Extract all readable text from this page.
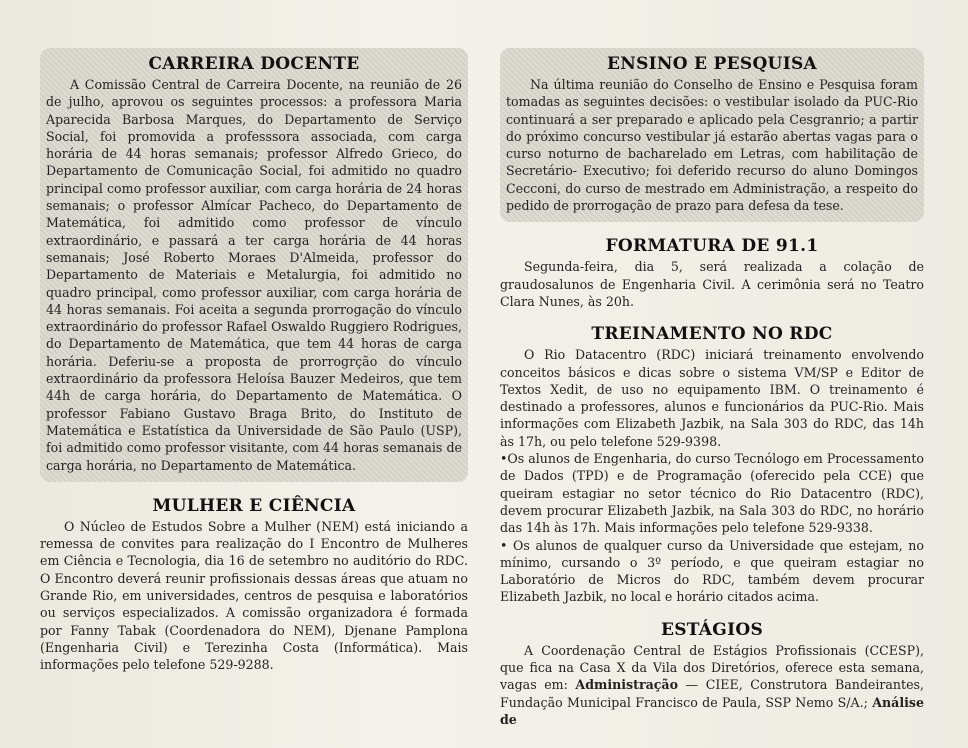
CARREIRA DOCENTE

A Comissão Central de Carreira Docente, na reunião de 26 de julho, aprovou os seguintes processos: a professora Maria Aparecida Barbosa Marques, do Departamento de Serviço Social, foi promovida a professsora associada, com carga horária de 44 horas semanais; professor Alfredo Grieco, do Departamento de Comunicação Social, foi admitido no quadro principal como professor auxiliar, com carga horária de 24 horas semanais; o professor Almícar Pacheco, do Departamento de Matemática, foi admitido como professor de vínculo extraordinário, e passará a ter carga horária de 44 horas semanais; José Roberto Moraes D'Almeida, professor do Departamento de Materiais e Metalurgia, foi admitido no quadro principal, como professor auxiliar, com carga horária de 44 horas semanais. Foi aceita a segunda prorrogação do vínculo extraordinário do professor Rafael Oswaldo Ruggiero Rodrigues, do Departamento de Matemática, que tem 44 horas de carga horária. Deferiu-se a proposta de prorrogrção do vínculo extraordinário da professora Heloísa Bauzer Medeiros, que tem 44h de carga horária, do Departamento de Matemática. O professor Fabiano Gustavo Braga Brito, do Instituto de Matemática e Estatística da Universidade de São Paulo (USP), foi admitido como professor visitante, com 44 horas semanais de carga horária, no Departamento de Matemática.

MULHER E CIÊNCIA

O Núcleo de Estudos Sobre a Mulher (NEM) está iniciando a remessa de convites para realização do I Encontro de Mulheres em Ciência e Tecnologia, dia 16 de setembro no auditório do RDC. O Encontro deverá reunir profissionais dessas áreas que atuam no Grande Rio, em universidades, centros de pesquisa e laboratórios ou serviços especializados. A comissão organizadora é formada por Fanny Tabak (Coordenadora do NEM), Djenane Pamplona (Engenharia Civil) e Terezinha Costa (Informática). Mais informações pelo telefone 529-9288.

ENSINO E PESQUISA

Na última reunião do Conselho de Ensino e Pesquisa foram tomadas as seguintes decisões: o vestibular isolado da PUC-Rio continuará a ser preparado e aplicado pela Cesgranrio; a partir do próximo concurso vestibular já estarão abertas vagas para o curso noturno de bacharelado em Letras, com habilitação de Secretário- Executivo; foi deferido recurso do aluno Domingos Cecconi, do curso de mestrado em Administração, a respeito do pedido de prorrogação de prazo para defesa da tese.

FORMATURA DE 91.1

Segunda-feira, dia 5, será realizada a colação de graudosalunos de Engenharia Civil. A cerimônia será no Teatro Clara Nunes, às 20h.

TREINAMENTO NO RDC

O Rio Datacentro (RDC) iniciará treinamento envolvendo conceitos básicos e dicas sobre o sistema VM/SP e Editor de Textos Xedit, de uso no equipamento IBM. O treinamento é destinado a professores, alunos e funcionários da PUC-Rio. Mais informações com Elizabeth Jazbik, na Sala 303 do RDC, das 14h às 17h, ou pelo telefone 529-9398.

•Os alunos de Engenharia, do curso Tecnólogo em Processamento de Dados (TPD) e de Programação (oferecido pela CCE) que queiram estagiar no setor técnico do Rio Datacentro (RDC), devem procurar Elizabeth Jazbik, na Sala 303 do RDC, no horário das 14h às 17h. Mais informações pelo telefone 529-9338.

• Os alunos de qualquer curso da Universidade que estejam, no mínimo, cursando o 3º período, e que queiram estagiar no Laboratório de Micros do RDC, também devem procurar Elizabeth Jazbik, no local e horário citados acima.

ESTÁGIOS

A Coordenação Central de Estágios Profissionais (CCESP), que fica na Casa X da Vila dos Diretórios, oferece esta semana, vagas em: Administração — CIEE, Construtora Bandeirantes, Fundação Municipal Francisco de Paula, SSP Nemo S/A.; Análise de
